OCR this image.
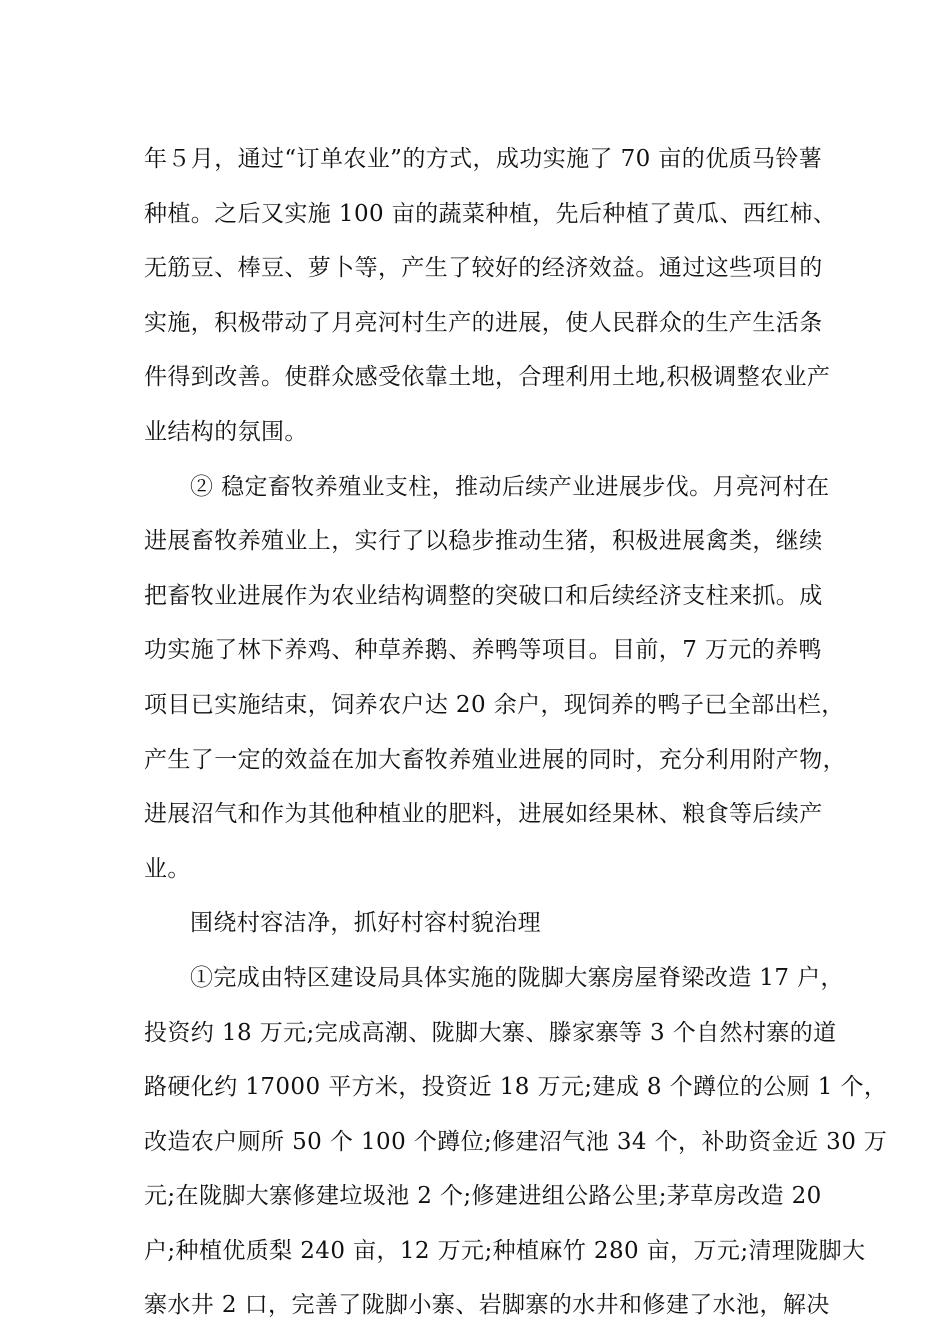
年５月，通过“订单农业”的方式，成功实施了 70 亩的优质马铃薯
种植。之后又实施 100 亩的蔬菜种植，先后种植了黄瓜、西红柿、
无筋豆、棒豆、萝卜等，产生了较好的经济效益。通过这些项目的
实施，积极带动了月亮河村生产的进展，使人民群众的生产生活条
件得到改善。使群众感受依靠土地，合理利用土地,积极调整农业产
业结构的氛围。
② 稳定畜牧养殖业支柱，推动后续产业进展步伐。月亮河村在
进展畜牧养殖业上，实行了以稳步推动生猪，积极进展禽类，继续
把畜牧业进展作为农业结构调整的突破口和后续经济支柱来抓。成
功实施了林下养鸡、种草养鹅、养鸭等项目。目前，7 万元的养鸭
项目已实施结束，饲养农户达 20 余户，现饲养的鸭子已全部出栏，
产生了一定的效益在加大畜牧养殖业进展的同时，充分利用附产物，
进展沼气和作为其他种植业的肥料，进展如经果林、粮食等后续产
业。
围绕村容洁净，抓好村容村貌治理
①完成由特区建设局具体实施的陇脚大寨房屋脊梁改造 17 户，
投资约 18 万元;完成高潮、陇脚大寨、滕家寨等 3 个自然村寨的道
路硬化约 17000 平方米，投资近 18 万元;建成 8 个蹲位的公厕 1 个，
改造农户厕所 50 个 100 个蹲位;修建沼气池 34 个，补助资金近 30 万
元;在陇脚大寨修建垃圾池 2 个;修建进组公路公里;茅草房改造 20
户;种植优质梨 240 亩，12 万元;种植麻竹 280 亩，万元;清理陇脚大
寨水井 2 口，完善了陇脚小寨、岩脚寨的水井和修建了水池，解决
